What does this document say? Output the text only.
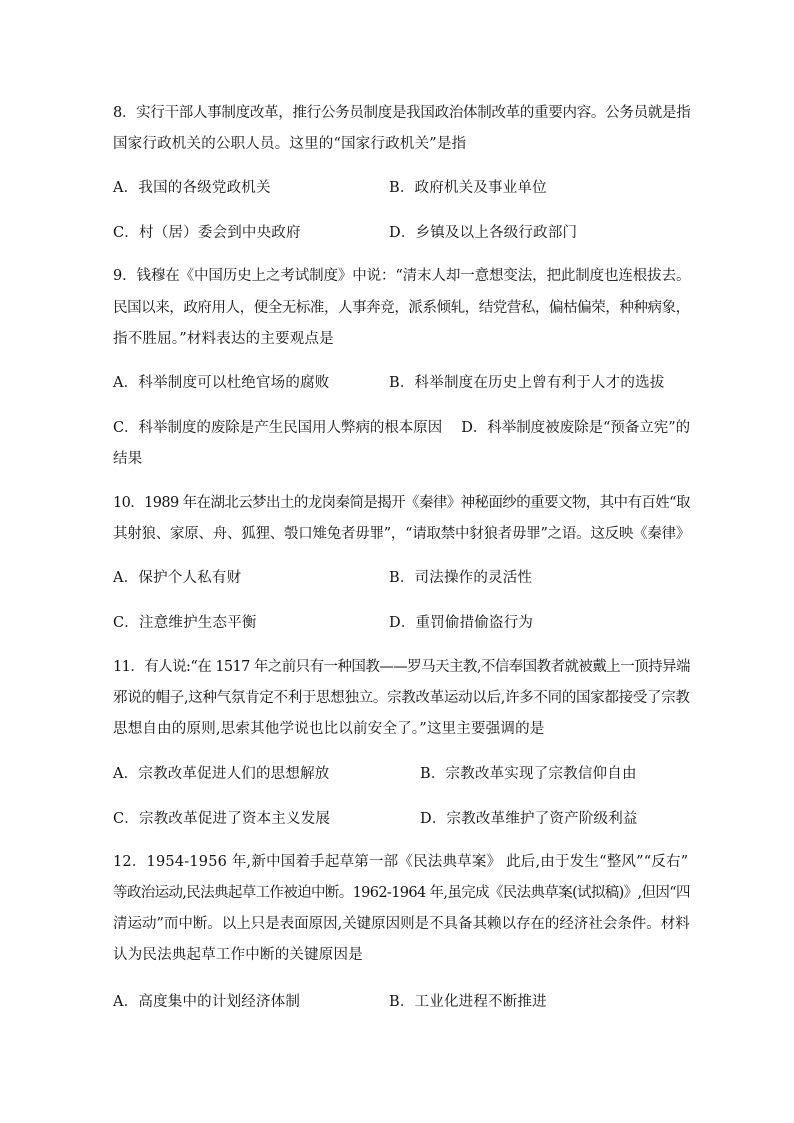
8．实行干部人事制度改革，推行公务员制度是我国政治体制改革的重要内容。公务员就是指
国家行政机关的公职人员。这里的“国家行政机关”是指
A．我国的各级党政机关	B．政府机关及事业单位
C．村（居）委会到中央政府	D．乡镇及以上各级行政部门
9．钱穆在《中国历史上之考试制度》中说：“清末人却一意想变法，把此制度也连根拔去。
民国以来，政府用人，便全无标准，人事奔竞，派系倾轧，结党营私，偏枯偏荣，种种病象，
指不胜屈。”材料表达的主要观点是
A．科举制度可以杜绝官场的腐败	B．科举制度在历史上曾有利于人才的选拔
C．科举制度的废除是产生民国用人弊病的根本原因　 D．科举制度被废除是“预备立宪”的
结果
10．1989 年在湖北云梦出土的龙岗秦简是揭开《秦律》神秘面纱的重要文物，其中有百姓“取
其射狼、家原、舟、狐狸、彀口雉兔者毋罪”，“请取禁中豺狼者毋罪”之语。这反映《秦律》
A．保护个人私有财	B．司法操作的灵活性
C．注意维护生态平衡	D．重罚偷措偷盗行为
11．有人说:“在 1517 年之前只有一种国教——罗马天主教,不信奉国教者就被戴上一顶持异端
邪说的帽子,这种气氛肯定不利于思想独立。宗教改革运动以后,许多不同的国家都接受了宗教
思想自由的原则,思索其他学说也比以前安全了。”这里主要强调的是
A．宗教改革促进人们的思想解放	B．宗教改革实现了宗教信仰自由
C．宗教改革促进了资本主义发展	D．宗教改革维护了资产阶级利益
12．1954-1956 年,新中国着手起草第一部《民法典草案》 此后,由于发生“整风”“反右”
等政治运动,民法典起草工作被迫中断。1962-1964 年,虽完成《民法典草案(试拟稿)》,但因“四
清运动”而中断。以上只是表面原因,关键原因则是不具备其赖以存在的经济社会条件。材料
认为民法典起草工作中断的关键原因是
A．高度集中的计划经济体制	B．工业化进程不断推进
